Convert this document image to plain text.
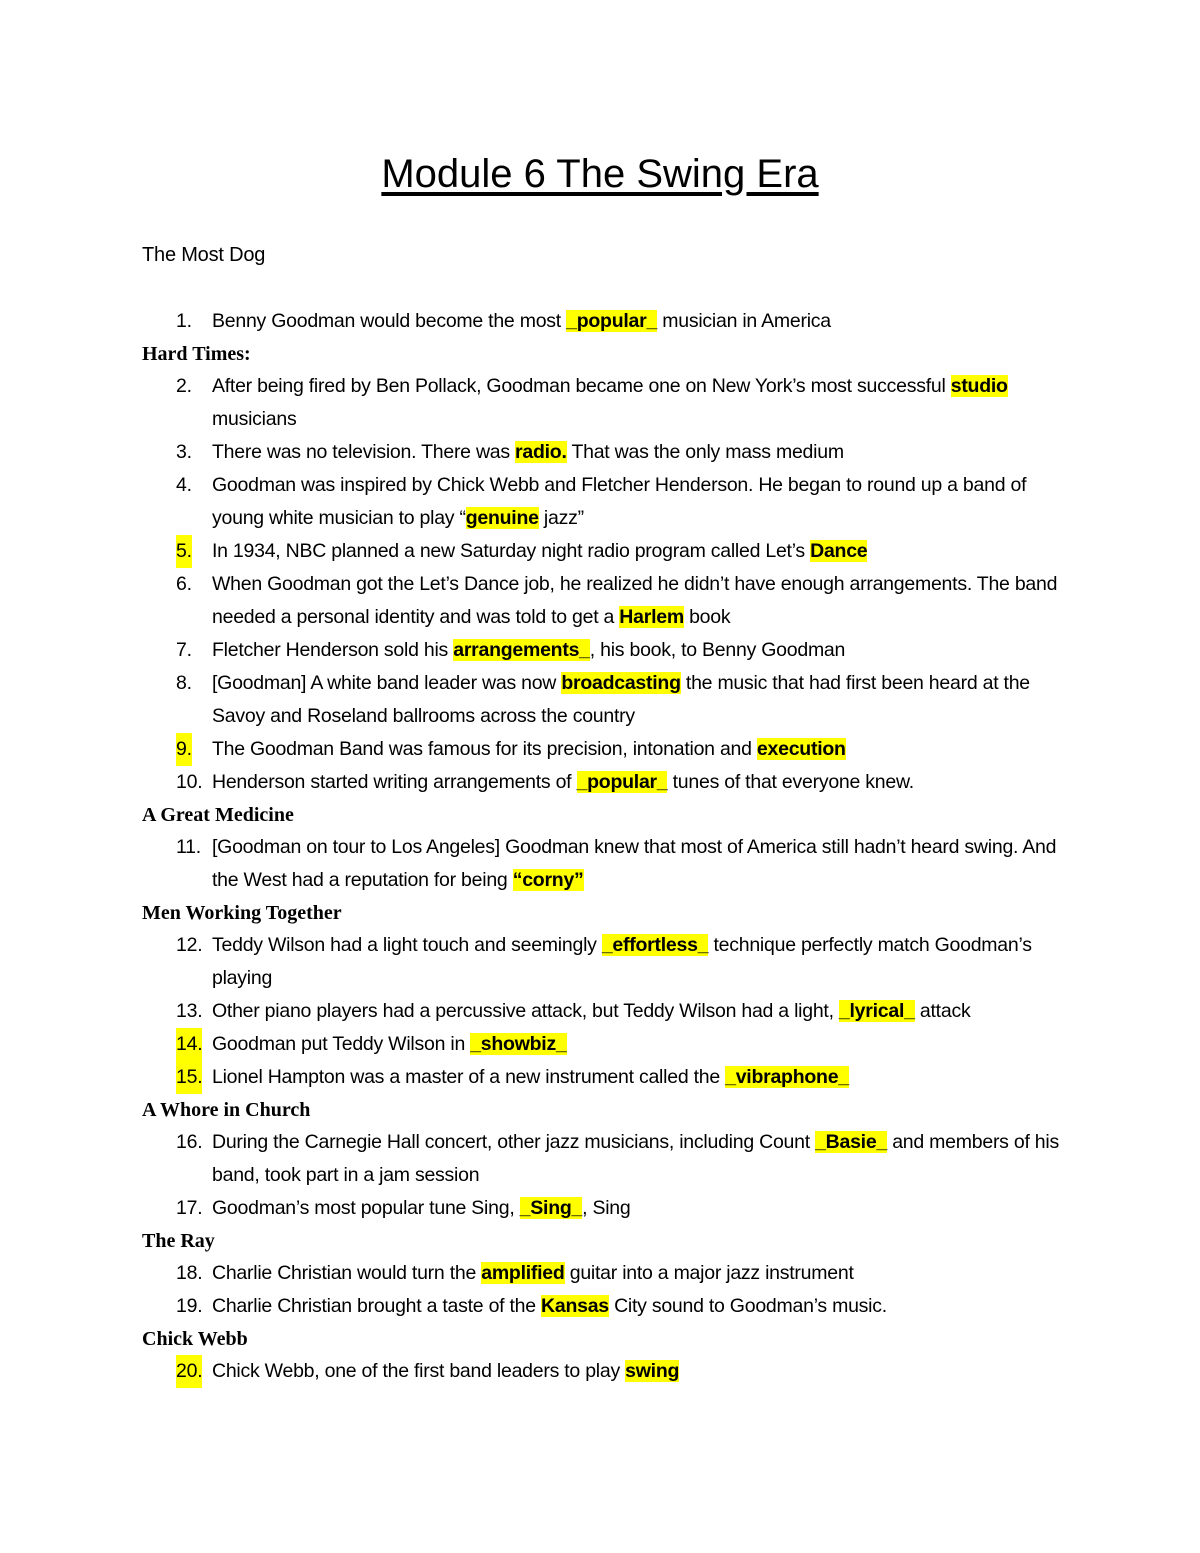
Module 6 The Swing Era
The Most Dog
1. Benny Goodman would become the most _popular_ musician in America
Hard Times:
2. After being fired by Ben Pollack, Goodman became one on New York’s most successful studio musicians
3. There was no television. There was radio. That was the only mass medium
4. Goodman was inspired by Chick Webb and Fletcher Henderson. He began to round up a band of young white musician to play “genuine jazz”
5. In 1934, NBC planned a new Saturday night radio program called Let’s Dance
6. When Goodman got the Let’s Dance job, he realized he didn’t have enough arrangements. The band needed a personal identity and was told to get a Harlem book
7. Fletcher Henderson sold his arrangements_, his book, to Benny Goodman
8. [Goodman] A white band leader was now broadcasting the music that had first been heard at the Savoy and Roseland ballrooms across the country
9. The Goodman Band was famous for its precision, intonation and execution
10. Henderson started writing arrangements of _popular_ tunes of that everyone knew.
A Great Medicine
11. [Goodman on tour to Los Angeles] Goodman knew that most of America still hadn’t heard swing. And the West had a reputation for being “corny”
Men Working Together
12. Teddy Wilson had a light touch and seemingly _effortless_ technique perfectly match Goodman’s playing
13. Other piano players had a percussive attack, but Teddy Wilson had a light, _lyrical_ attack
14. Goodman put Teddy Wilson in _showbiz_
15. Lionel Hampton was a master of a new instrument called the _vibraphone_
A Whore in Church
16. During the Carnegie Hall concert, other jazz musicians, including Count _Basie_ and members of his band, took part in a jam session
17. Goodman’s most popular tune Sing, _Sing_, Sing
The Ray
18. Charlie Christian would turn the amplified guitar into a major jazz instrument
19. Charlie Christian brought a taste of the Kansas City sound to Goodman’s music.
Chick Webb
20. Chick Webb, one of the first band leaders to play swing
